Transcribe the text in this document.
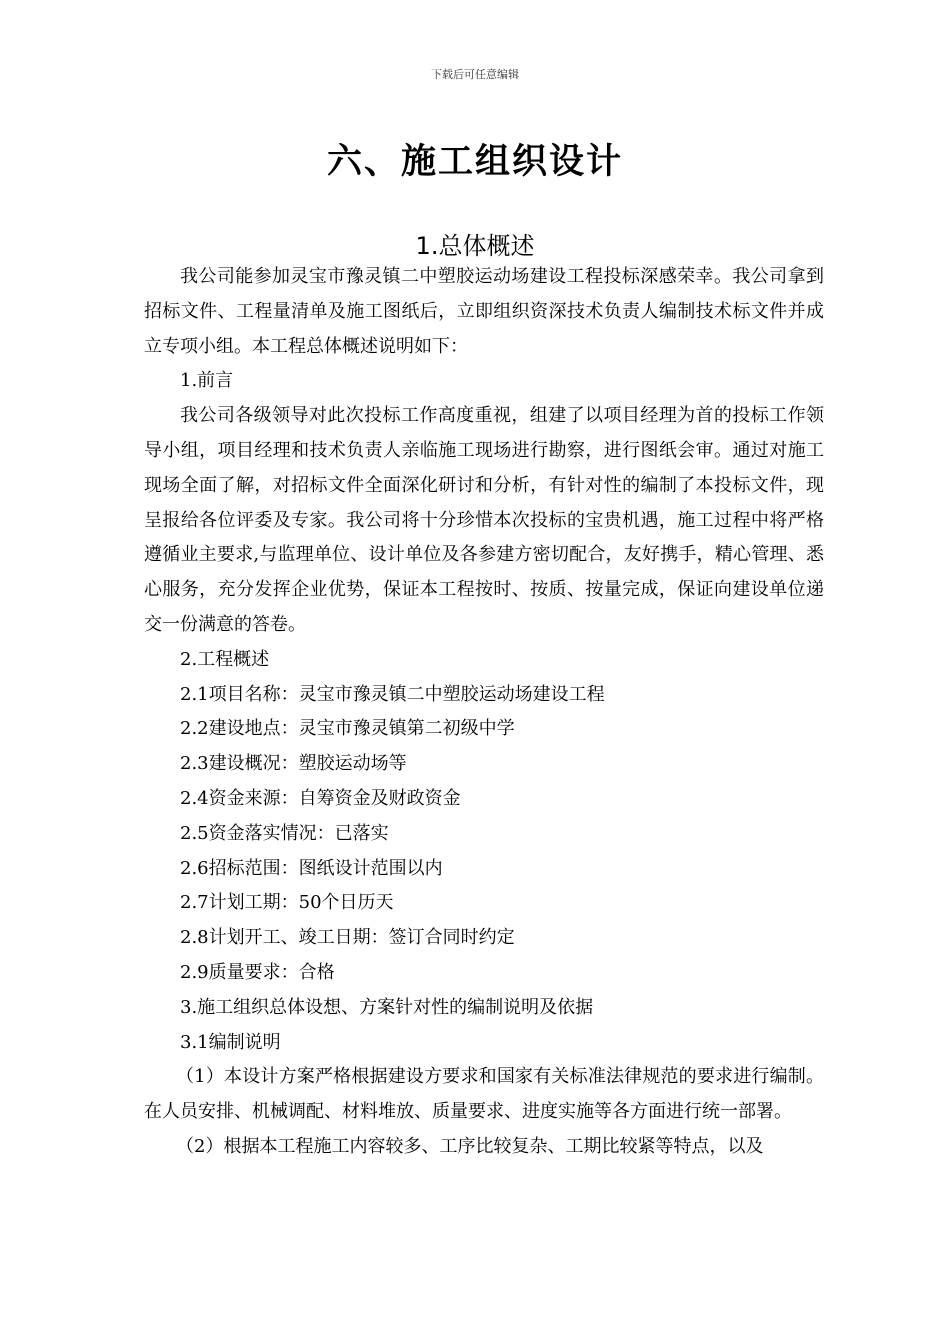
下载后可任意编辑
六、施工组织设计
1.总体概述

我公司能参加灵宝市豫灵镇二中塑胶运动场建设工程投标深感荣幸。我公司拿到招标文件、工程量清单及施工图纸后，立即组织资深技术负责人编制技术标文件并成立专项小组。本工程总体概述说明如下：

1.前言

我公司各级领导对此次投标工作高度重视，组建了以项目经理为首的投标工作领导小组，项目经理和技术负责人亲临施工现场进行勘察，进行图纸会审。通过对施工现场全面了解，对招标文件全面深化研讨和分析，有针对性的编制了本投标文件，现呈报给各位评委及专家。我公司将十分珍惜本次投标的宝贵机遇，施工过程中将严格遵循业主要求,与监理单位、设计单位及各参建方密切配合，友好携手，精心管理、悉心服务，充分发挥企业优势，保证本工程按时、按质、按量完成，保证向建设单位递交一份满意的答卷。

2.工程概述

2.1项目名称：灵宝市豫灵镇二中塑胶运动场建设工程

2.2建设地点：灵宝市豫灵镇第二初级中学

2.3建设概况：塑胶运动场等

2.4资金来源：自筹资金及财政资金

2.5资金落实情况：已落实

2.6招标范围：图纸设计范围以内

2.7计划工期：50个日历天

2.8计划开工、竣工日期：签订合同时约定

2.9质量要求：合格

3.施工组织总体设想、方案针对性的编制说明及依据

3.1编制说明

（1）本设计方案严格根据建设方要求和国家有关标准法律规范的要求进行编制。在人员安排、机械调配、材料堆放、质量要求、进度实施等各方面进行统一部署。

（2）根据本工程施工内容较多、工序比较复杂、工期比较紧等特点，以及
